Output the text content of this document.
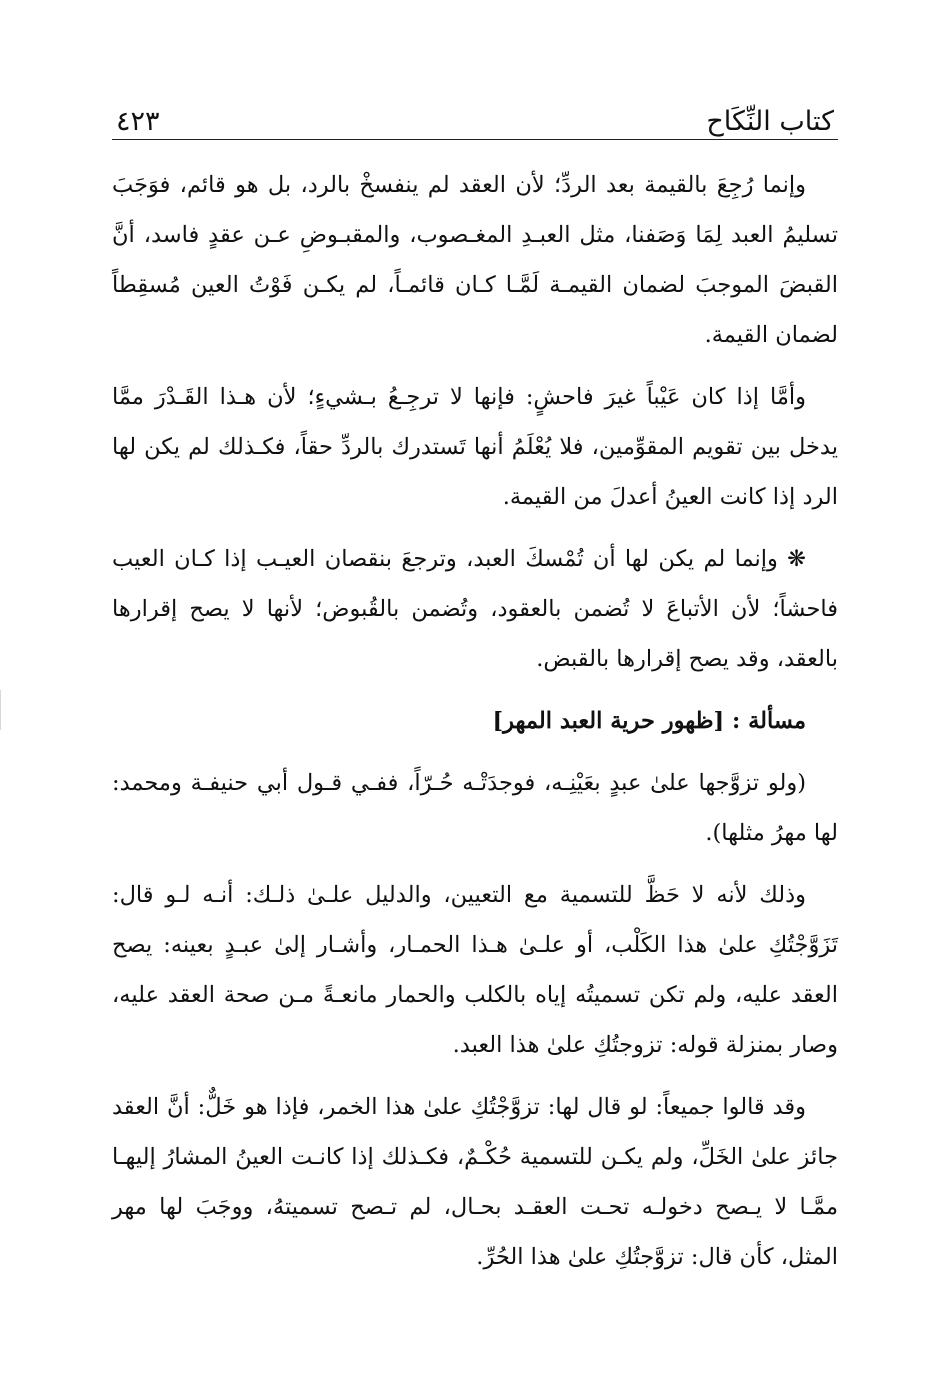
كتاب النِّكَاح
٤٢٣

وإنما رُجِعَ بالقيمة بعد الردِّ؛ لأن العقد لم ينفسخْ بالرد، بل هو قائم، فوَجَبَ تسليمُ العبد لِمَا وَصَفنا، مثل العبـدِ المغـصوب، والمقبـوضِ عـن عقدٍ فاسد، أنَّ القبضَ الموجبَ لضمان القيمـة لَمَّـا كـان قائمـاً، لم يكـن فَوْتُ العين مُسقِطاً لضمان القيمة.

وأمَّا إذا كان عَيْباً غيرَ فاحشٍ: فإنها لا ترجِـعُ بـشيءٍ؛ لأن هـذا القَـدْرَ ممَّا يدخل بين تقويم المقوِّمين، فلا يُعْلَمُ أنها تَستدرك بالردِّ حقاً، فكـذلك لم يكن لها الرد إذا كانت العينُ أعدلَ من القيمة.

❋ وإنما لم يكن لها أن تُمْسكَ العبد، وترجعَ بنقصان العيـب إذا كـان العيب فاحشاً؛ لأن الأتباعَ لا تُضمن بالعقود، وتُضمن بالقُبوض؛ لأنها لا يصح إقرارها بالعقد، وقد يصح إقرارها بالقبض.

مسألة : [ظهور حرية العبد المهر]

(ولو تزوَّجها علىٰ عبدٍ بعَيْنِـه، فوجدَتْـه حُـرّاً، ففـي قـول أبي حنيفـة ومحمد: لها مهرُ مثلها).

وذلك لأنه لا حَظَّ للتسمية مع التعيين، والدليل علـىٰ ذلـك: أنـه لـو قال: تَزَوَّجْتُكِ علىٰ هذا الكَلْب، أو علـىٰ هـذا الحمـار، وأشـار إلىٰ عبـدٍ بعينه: يصح العقد عليه، ولم تكن تسميتُه إياه بالكلب والحمار مانعـةً مـن صحة العقد عليه، وصار بمنزلة قوله: تزوجتُكِ علىٰ هذا العبد.

وقد قالوا جميعاً: لو قال لها: تزوَّجْتُكِ علىٰ هذا الخمر، فإذا هو خَلٌّ: أنَّ العقد جائز علىٰ الخَلِّ، ولم يكـن للتسمية حُكْـمٌ، فكـذلك إذا كانـت العينُ المشارُ إليهـا ممَّـا لا يـصح دخولـه تحـت العقـد بحـال، لم تـصح تسميتهُ، ووجَبَ لها مهر المثل، كأن قال: تزوَّجتُكِ علىٰ هذا الحُرِّ.
